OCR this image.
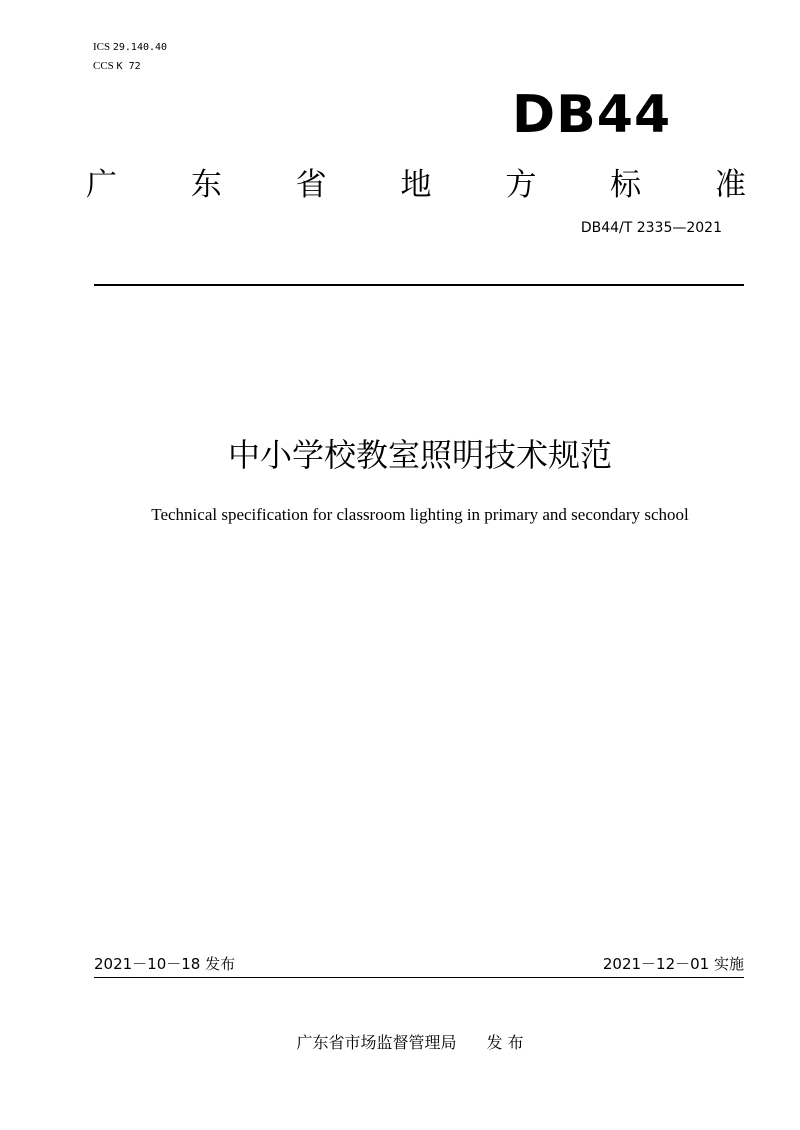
ICS 29.140.40
CCS K 72
DB44
广 东 省 地 方 标 准
DB44/T 2335—2021
中小学校教室照明技术规范
Technical specification for classroom lighting in primary and secondary school
2021－10－18 发布	2021－12－01 实施
广东省市场监督管理局 发 布
